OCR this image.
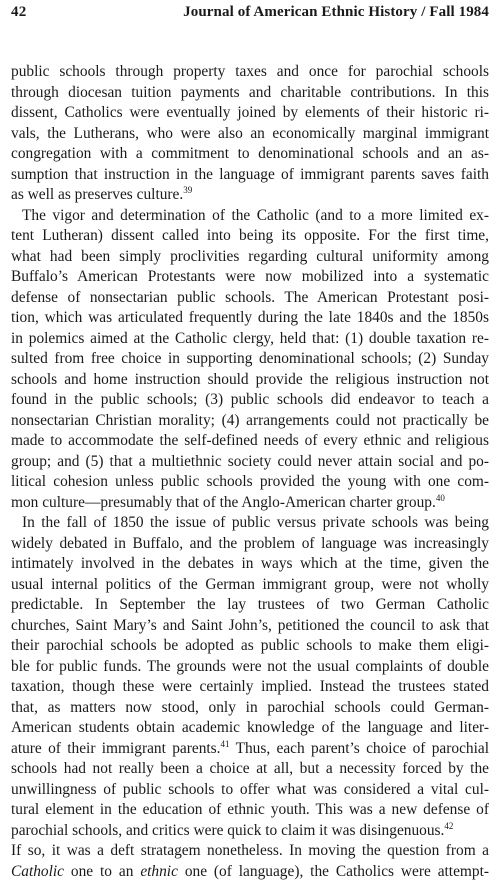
42	Journal of American Ethnic History / Fall 1984
public schools through property taxes and once for parochial schools
through diocesan tuition payments and charitable contributions. In this
dissent, Catholics were eventually joined by elements of their historic ri-
vals, the Lutherans, who were also an economically marginal immigrant
congregation with a commitment to denominational schools and an as-
sumption that instruction in the language of immigrant parents saves faith
as well as preserves culture.$^{39}$
The vigor and determination of the Catholic (and to a more limited ex-
tent Lutheran) dissent called into being its opposite. For the first time,
what had been simply proclivities regarding cultural uniformity among
Buffalo’s American Protestants were now mobilized into a systematic
defense of nonsectarian public schools. The American Protestant posi-
tion, which was articulated frequently during the late 1840s and the 1850s
in polemics aimed at the Catholic clergy, held that: (1) double taxation re-
sulted from free choice in supporting denominational schools; (2) Sunday
schools and home instruction should provide the religious instruction not
found in the public schools; (3) public schools did endeavor to teach a
nonsectarian Christian morality; (4) arrangements could not practically be
made to accommodate the self-defined needs of every ethnic and religious
group; and (5) that a multiethnic society could never attain social and po-
litical cohesion unless public schools provided the young with one com-
mon culture—presumably that of the Anglo-American charter group.$^{40}$
In the fall of 1850 the issue of public versus private schools was being
widely debated in Buffalo, and the problem of language was increasingly
intimately involved in the debates in ways which at the time, given the
usual internal politics of the German immigrant group, were not wholly
predictable. In September the lay trustees of two German Catholic
churches, Saint Mary’s and Saint John’s, petitioned the council to ask that
their parochial schools be adopted as public schools to make them eligi-
ble for public funds. The grounds were not the usual complaints of double
taxation, though these were certainly implied. Instead the trustees stated
that, as matters now stood, only in parochial schools could German-
American students obtain academic knowledge of the language and liter-
ature of their immigrant parents.$^{41}$ Thus, each parent’s choice of parochial
schools had not really been a choice at all, but a necessity forced by the
unwillingness of public schools to offer what was considered a vital cul-
tural element in the education of ethnic youth. This was a new defense of
parochial schools, and critics were quick to claim it was disingenuous.$^{42}$
If so, it was a deft stratagem nonetheless. In moving the question from a
Catholic one to an ethnic one (of language), the Catholics were attempt-
